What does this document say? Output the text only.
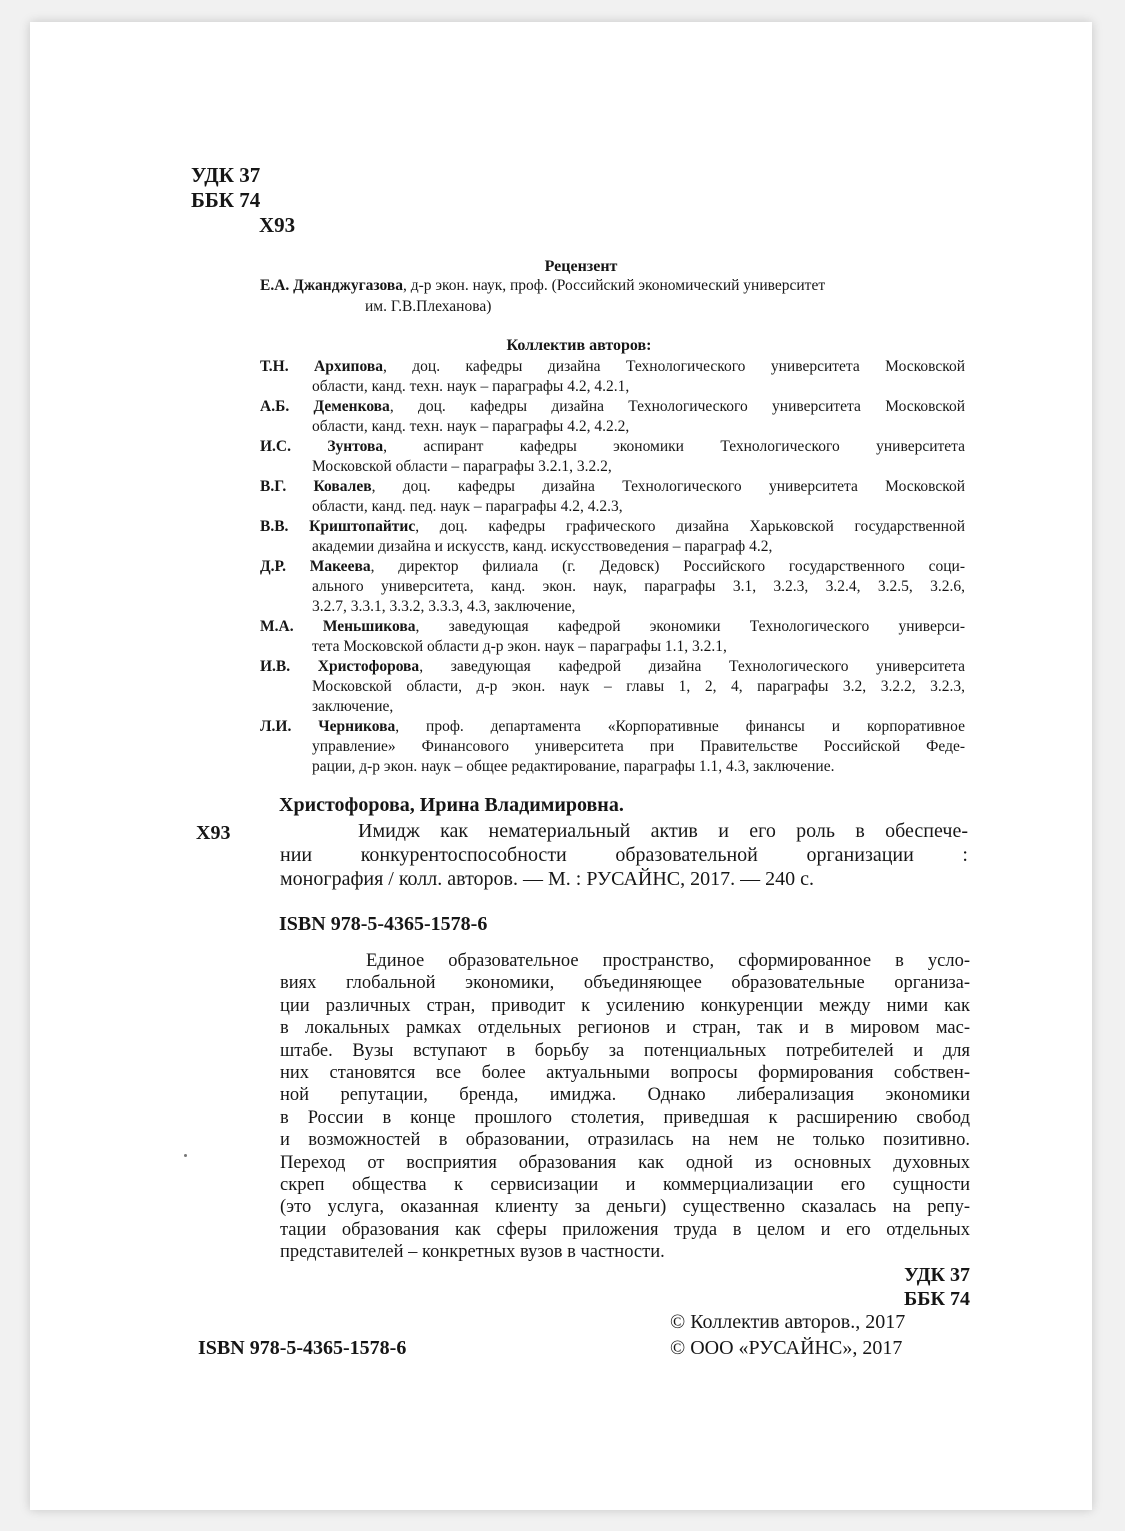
УДК 37
ББК 74
Х93
Рецензент
Е.А. Джанджугазова, д-р экон. наук, проф. (Российский экономический университет
им. Г.В.Плеханова)
Коллектив авторов:
Т.Н. Архипова, доц. кафедры дизайна Технологического университета Московской
области, канд. техн. наук – параграфы 4.2, 4.2.1,
А.Б. Деменкова, доц. кафедры дизайна Технологического университета Московской
области, канд. техн. наук – параграфы 4.2, 4.2.2,
И.С. Зунтова, аспирант кафедры экономики Технологического университета
Московской области – параграфы 3.2.1, 3.2.2,
В.Г. Ковалев, доц. кафедры дизайна Технологического университета Московской
области, канд. пед. наук – параграфы 4.2, 4.2.3,
В.В. Криштопайтис, доц. кафедры графического дизайна Харьковской государственной
академии дизайна и искусств, канд. искусствоведения – параграф 4.2,
Д.Р. Макеева, директор филиала (г. Дедовск) Российского государственного соци-
ального университета, канд. экон. наук, параграфы 3.1, 3.2.3, 3.2.4, 3.2.5, 3.2.6,
3.2.7, 3.3.1, 3.3.2, 3.3.3, 4.3, заключение,
М.А. Меньшикова, заведующая кафедрой экономики Технологического универси-
тета Московской области д-р экон. наук – параграфы 1.1, 3.2.1,
И.В. Христофорова, заведующая кафедрой дизайна Технологического университета
Московской области, д-р экон. наук – главы 1, 2, 4, параграфы 3.2, 3.2.2, 3.2.3,
заключение,
Л.И. Черникова, проф. департамента «Корпоративные финансы и корпоративное
управление» Финансового университета при Правительстве Российской Феде-
рации, д-р экон. наук – общее редактирование, параграфы 1.1, 4.3, заключение.
Христофорова, Ирина Владимировна.
Х93	Имидж как нематериальный актив и его роль в обеспече-
нии конкурентоспособности образовательной организации :
монография / колл. авторов. — М. : РУСАЙНС, 2017. — 240 с.
ISBN 978-5-4365-1578-6
Единое образовательное пространство, сформированное в усло-
виях глобальной экономики, объединяющее образовательные организа-
ции различных стран, приводит к усилению конкуренции между ними как
в локальных рамках отдельных регионов и стран, так и в мировом мас-
штабе. Вузы вступают в борьбу за потенциальных потребителей и для
них становятся все более актуальными вопросы формирования собствен-
ной репутации, бренда, имиджа. Однако либерализация экономики
в России в конце прошлого столетия, приведшая к расширению свобод
и возможностей в образовании, отразилась на нем не только позитивно.
Переход от восприятия образования как одной из основных духовных
скреп общества к сервисизации и коммерциализации его сущности
(это услуга, оказанная клиенту за деньги) существенно сказалась на репу-
тации образования как сферы приложения труда в целом и его отдельных
представителей – конкретных вузов в частности.
УДК 37
ББК 74
© Коллектив авторов., 2017
© ООО «РУСАЙНС», 2017
ISBN 978-5-4365-1578-6
